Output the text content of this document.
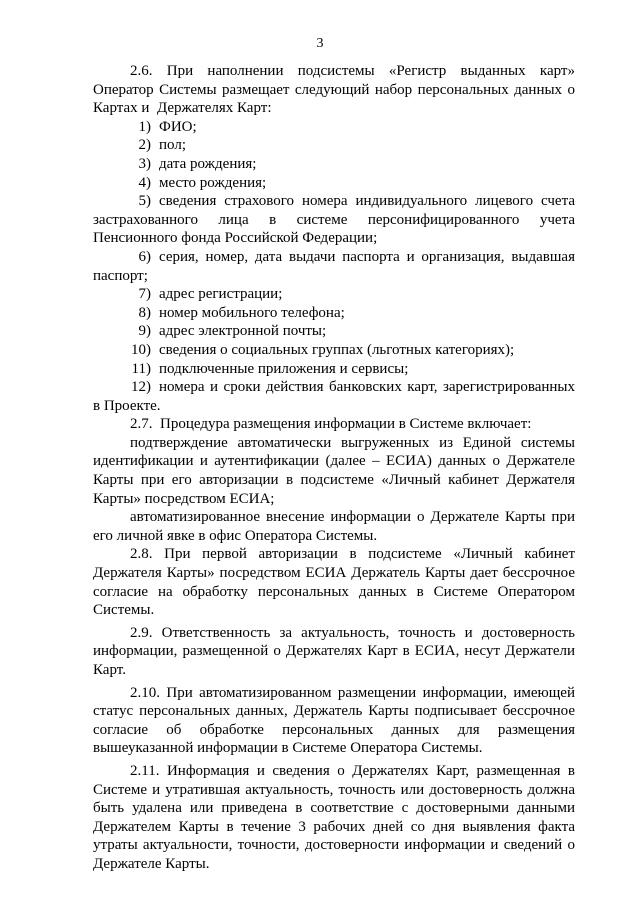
3

2.6. При наполнении подсистемы «Регистр выданных карт» Оператор Системы размещает следующий набор персональных данных о Картах и  Держателях Карт:

1) ФИО;

2) пол;

3) дата рождения;

4) место рождения;

5) сведения страхового номера индивидуального лицевого счета застрахованного лица в системе персонифицированного учета Пенсионного фонда Российской Федерации;

6) серия, номер, дата выдачи паспорта и организация, выдавшая паспорт;

7) адрес регистрации;

8) номер мобильного телефона;

9) адрес электронной почты;

10) сведения о социальных группах (льготных категориях);

11) подключенные приложения и сервисы;

12) номера и сроки действия банковских карт, зарегистрированных в Проекте.

2.7.  Процедура размещения информации в Системе включает:

подтверждение автоматически выгруженных из Единой системы идентификации и аутентификации (далее – ЕСИА) данных о Держателе Карты при его авторизации в подсистеме «Личный кабинет Держателя Карты» посредством ЕСИА;

автоматизированное внесение информации о Держателе Карты при его личной явке в офис Оператора Системы.

2.8. При первой авторизации в подсистеме «Личный кабинет Держателя Карты» посредством ЕСИА Держатель Карты дает бессрочное согласие на обработку персональных данных в Системе Оператором Системы.

2.9. Ответственность за актуальность, точность и достоверность информации, размещенной о Держателях Карт в ЕСИА, несут Держатели Карт.

2.10. При автоматизированном размещении информации, имеющей статус персональных данных, Держатель Карты подписывает бессрочное согласие об обработке персональных данных для размещения вышеуказанной информации в Системе Оператора Системы.

2.11. Информация и сведения о Держателях Карт, размещенная в Системе и утратившая актуальность, точность или достоверность должна быть удалена или приведена в соответствие с достоверными данными Держателем Карты в течение 3 рабочих дней со дня выявления факта утраты актуальности, точности, достоверности информации и сведений о Держателе Карты.
